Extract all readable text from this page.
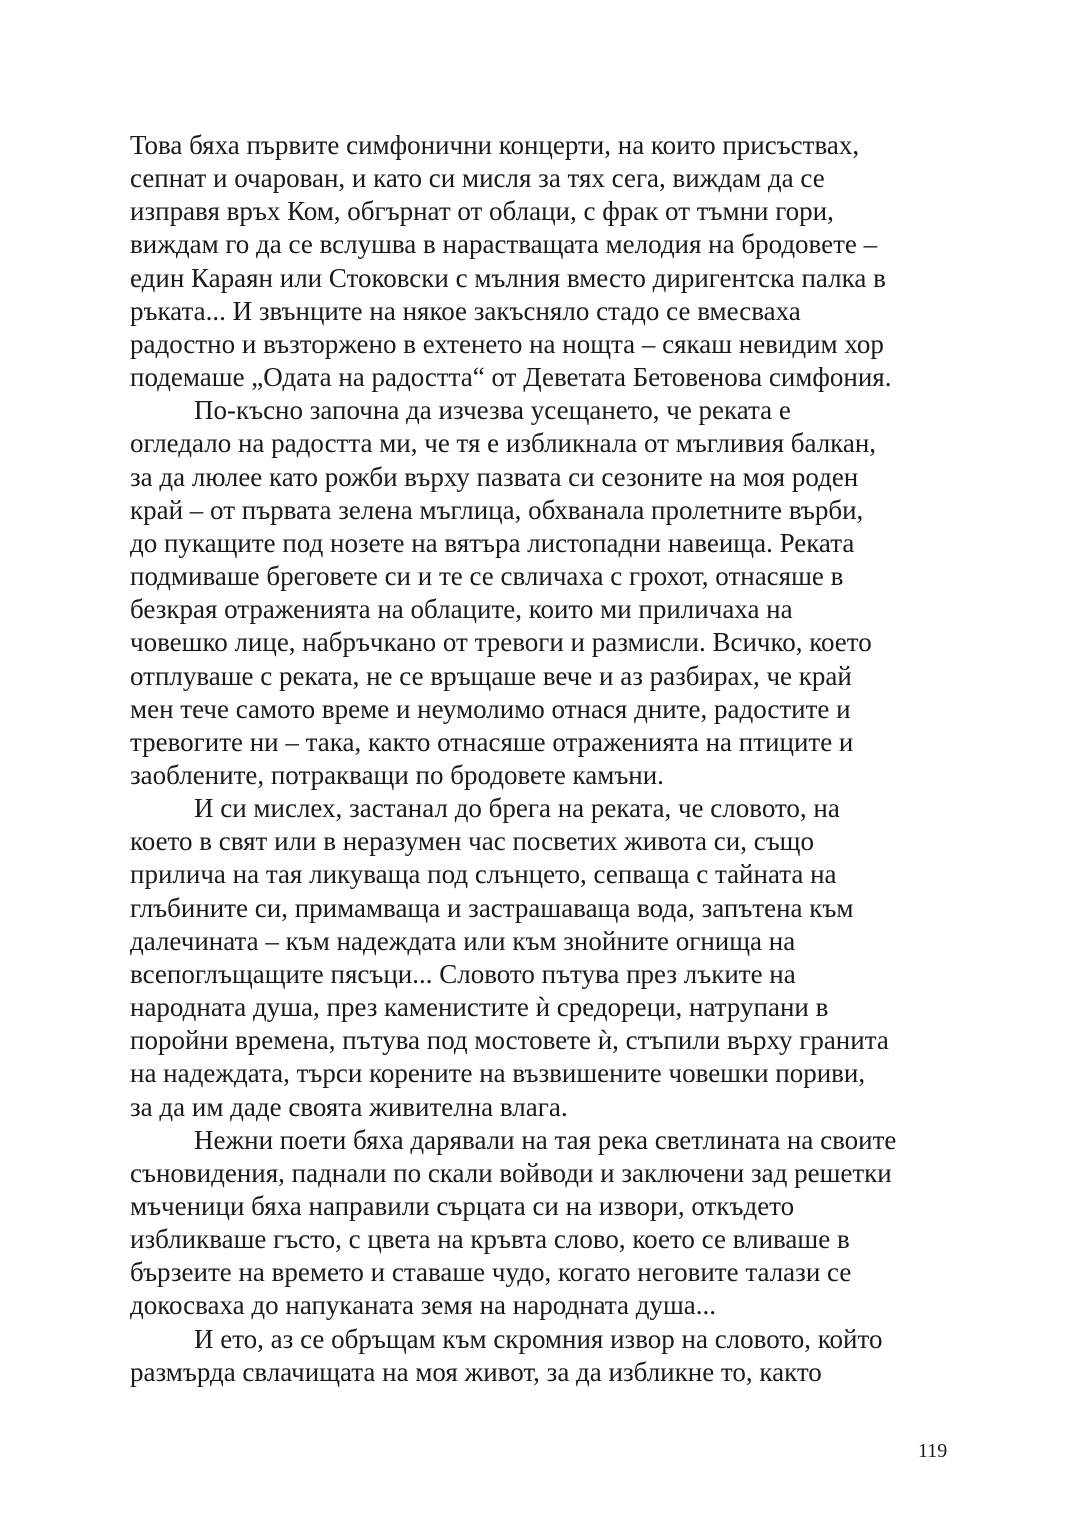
Това бяха първите симфонични концерти, на които присъствах,
сепнат и очарован, и като си мисля за тях сега, виждам да се
изправя връх Ком, обгърнат от облаци, с фрак от тъмни гори,
виждам го да се вслушва в нарастващата мелодия на бродовете –
един Караян или Стоковски с мълния вместо диригентска палка в
ръката... И звънците на някое закъсняло стадо се вмесваха
радостно и възторжено в ехтенето на нощта – сякаш невидим хор
подемаше „Одата на радостта“ от Деветата Бетовенова симфония.
По-късно започна да изчезва усещането, че реката е
огледало на радостта ми, че тя е избликнала от мъгливия балкан,
за да люлее като рожби върху пазвата си сезоните на моя роден
край – от първата зелена мъглица, обхванала пролетните върби,
до пукащите под нозете на вятъра листопадни навеища. Реката
подмиваше бреговете си и те се свличаха с грохот, отнасяше в
безкрая отраженията на облаците, които ми приличаха на
човешко лице, набръчкано от тревоги и размисли. Всичко, което
отплуваше с реката, не се връщаше вече и аз разбирах, че край
мен тече самото време и неумолимо отнася дните, радостите и
тревогите ни – така, както отнасяше отраженията на птиците и
заоблените, потракващи по бродовете камъни.
И си мислех, застанал до брега на реката, че словото, на
което в свят или в неразумен час посветих живота си, също
прилича на тая ликуваща под слънцето, сепваща с тайната на
глъбините си, примамваща и застрашаваща вода, запътена към
далечината – към надеждата или към знойните огнища на
всепоглъщащите пясъци... Словото пътува през лъките на
народната душа, през каменистите ѝ средореци, натрупани в
поройни времена, пътува под мостовете ѝ, стъпили върху гранита
на надеждата, търси корените на възвишените човешки пориви,
за да им даде своята живителна влага.
Нежни поети бяха дарявали на тая река светлината на своите
съновидения, паднали по скали войводи и заключени зад решетки
мъченици бяха направили сърцата си на извори, откъдето
избликваше гъсто, с цвета на кръвта слово, което се вливаше в
бързеите на времето и ставаше чудо, когато неговите талази се
докосваха до напуканата земя на народната душа...
И ето, аз се обръщам към скромния извор на словото, който
размърда свлачищата на моя живот, за да избликне то, както
119
